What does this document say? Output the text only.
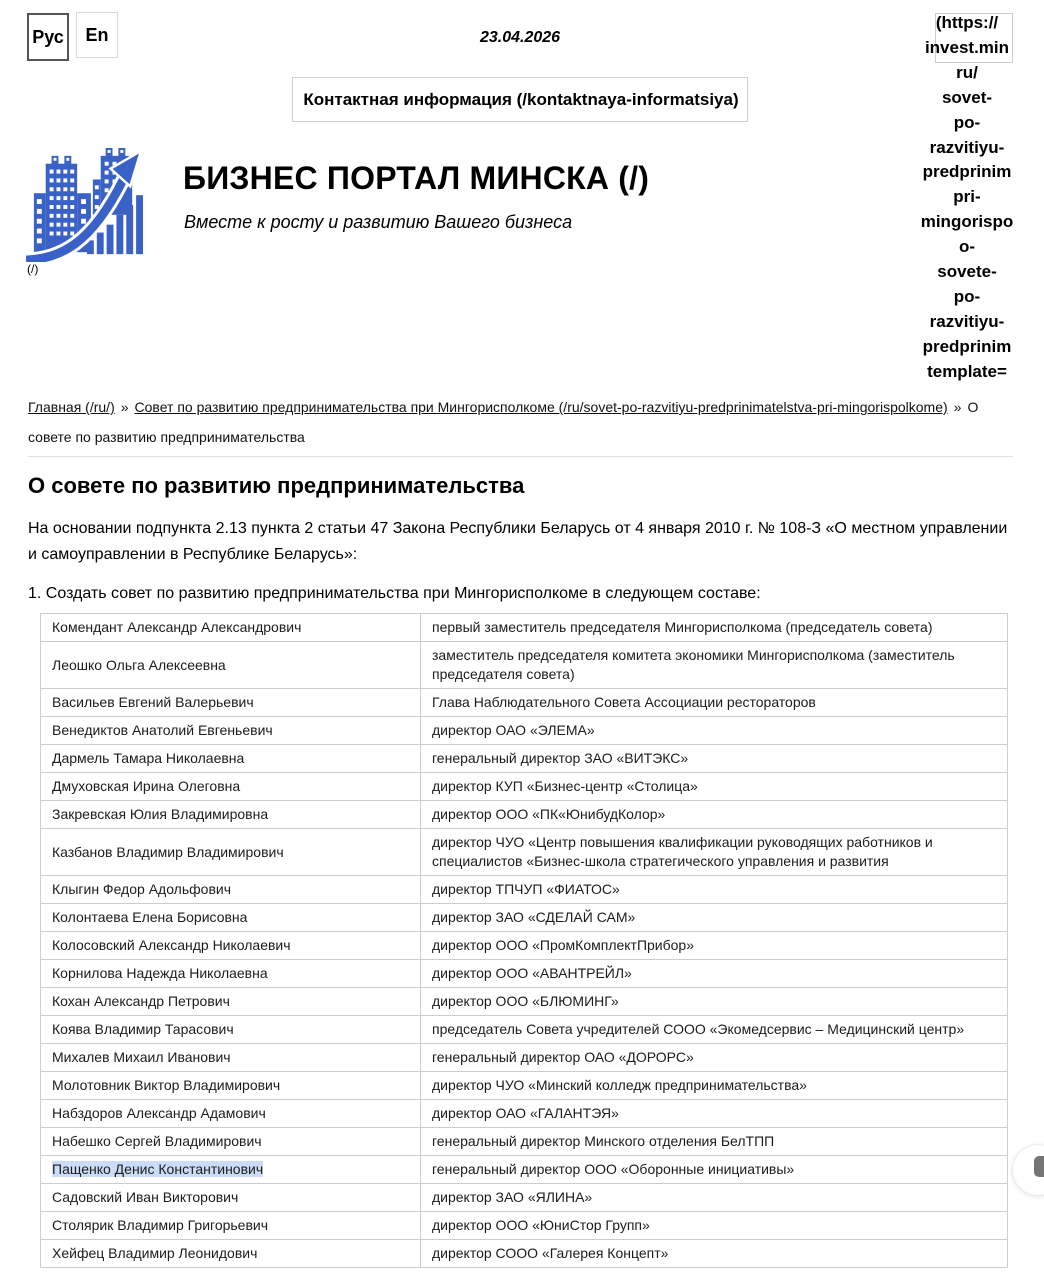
Рус	En	23.04.2026
Контактная информация (/kontaktnaya-informatsiya)
(https://
invest.min
ru/
sovet-
po-
razvitiyu-
predprinim
pri-
mingorispo
o-
sovete-
po-
razvitiyu-
predprinim
template=
(/)
БИЗНЕС ПОРТАЛ МИНСКА (/)
Вместе к росту и развитию Вашего бизнеса
Главная (/ru/) » Совет по развитию предпринимательства при Мингорисполкоме (/ru/sovet-po-razvitiyu-predprinimatelstva-pri-mingorispolkome) » О совете по развитию предпринимательства
О совете по развитию предпринимательства

На основании подпункта 2.13 пункта 2 статьи 47 Закона Республики Беларусь от 4 января 2010 г. № 108-З «О местном управлении и самоуправлении в Республике Беларусь»:

1. Создать совет по развитию предпринимательства при Мингорисполкоме в следующем составе:

Комендант Александр Александрович	первый заместитель председателя Мингорисполкома (председатель совета)
Леошко Ольга Алексеевна	заместитель председателя комитета экономики Мингорисполкома (заместитель председателя совета)
Васильев Евгений Валерьевич	Глава Наблюдательного Совета Ассоциации рестораторов
Венедиктов Анатолий Евгеньевич	директор ОАО «ЭЛЕМА»
Дармель Тамара Николаевна	генеральный директор ЗАО «ВИТЭКС»
Дмуховская Ирина Олеговна	директор КУП «Бизнес-центр «Столица»
Закревская Юлия Владимировна	директор ООО «ПК«ЮнибудКолор»
Казбанов Владимир Владимирович	директор ЧУО «Центр повышения квалификации руководящих работников и специалистов «Бизнес-школа стратегического управления и развития
Клыгин Федор Адольфович	директор ТПЧУП «ФИАТОС»
Колонтаева Елена Борисовна	директор ЗАО «СДЕЛАЙ САМ»
Колосовский Александр Николаевич	директор ООО «ПромКомплектПрибор»
Корнилова Надежда Николаевна	директор ООО «АВАНТРЕЙЛ»
Кохан Александр Петрович	директор ООО «БЛЮМИНГ»
Коява Владимир Тарасович	председатель Совета учредителей СООО «Экомедсервис – Медицинский центр»
Михалев Михаил Иванович	генеральный директор ОАО «ДОРОРС»
Молотовник Виктор Владимирович	директор ЧУО «Минский колледж предпринимательства»
Набздоров Александр Адамович	директор ОАО «ГАЛАНТЭЯ»
Набешко Сергей Владимирович	генеральный директор Минского отделения БелТПП
Пащенко Денис Константинович	генеральный директор ООО «Оборонные инициативы»
Садовский Иван Викторович	директор ЗАО «ЯЛИНА»
Столярик Владимир Григорьевич	директор ООО «ЮниСтор Групп»
Хейфец Владимир Леонидович	директор СООО «Галерея Концепт»
